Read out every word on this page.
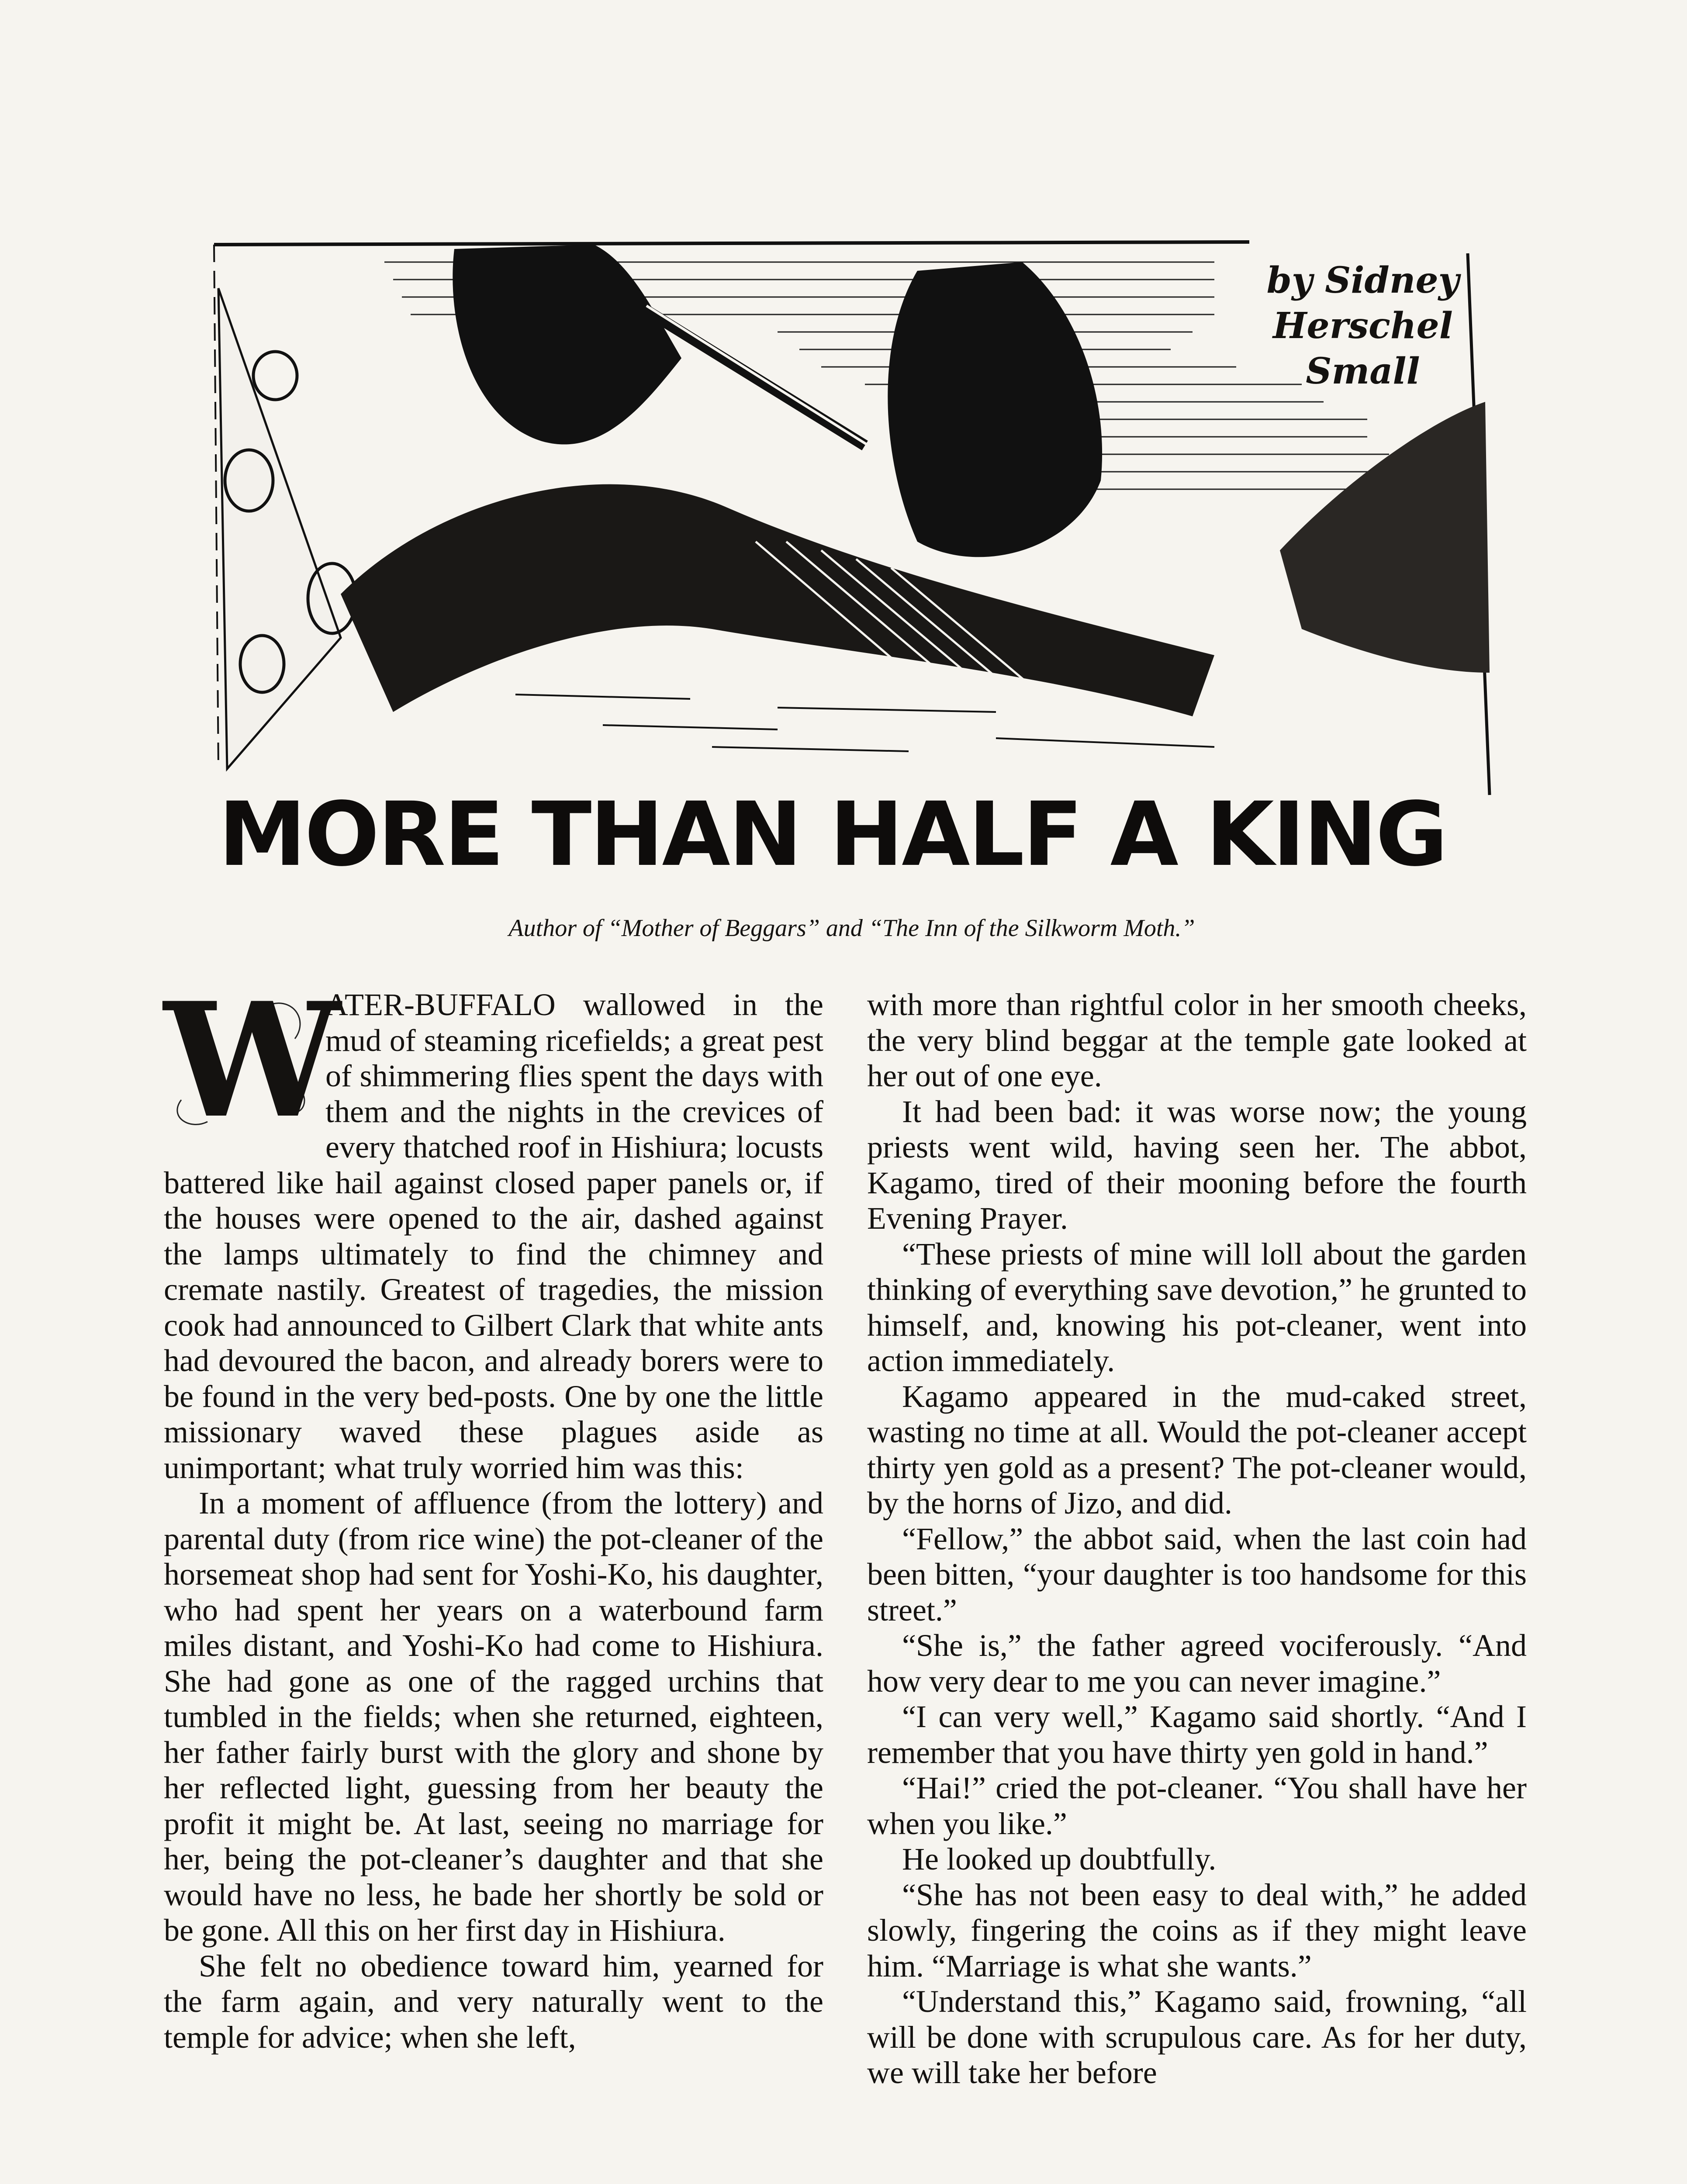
by Sidney
Herschel
Small
MORE THAN HALF A KING
Author of “Mother of Beggars” and “The Inn of the Silkworm Moth.”
W

ATER-BUFFALO wallowed in the mud of steaming ricefields; a great pest of shimmering flies spent the days with them and the nights in the crevices of every thatched roof in Hishiura; locusts battered like hail against closed paper panels or, if the houses were opened to the air, dashed against the lamps ultimately to find the chimney and cremate nastily. Greatest of tragedies, the mission cook had announced to Gilbert Clark that white ants had devoured the bacon, and already borers were to be found in the very bed-posts. One by one the little missionary waved these plagues aside as unimportant; what truly worried him was this:

In a moment of affluence (from the lottery) and parental duty (from rice wine) the pot-cleaner of the horsemeat shop had sent for Yoshi-Ko, his daughter, who had spent her years on a waterbound farm miles distant, and Yoshi-Ko had come to Hishiura. She had gone as one of the ragged urchins that tumbled in the fields; when she returned, eighteen, her father fairly burst with the glory and shone by her reflected light, guessing from her beauty the profit it might be. At last, seeing no marriage for her, being the pot-cleaner’s daughter and that she would have no less, he bade her shortly be sold or be gone. All this on her first day in Hishiura.

She felt no obedience toward him, yearned for the farm again, and very naturally went to the temple for advice; when she left,

with more than rightful color in her smooth cheeks, the very blind beggar at the temple gate looked at her out of one eye.

It had been bad: it was worse now; the young priests went wild, having seen her. The abbot, Kagamo, tired of their mooning before the fourth Evening Prayer.

“These priests of mine will loll about the garden thinking of everything save devotion,” he grunted to himself, and, knowing his pot-cleaner, went into action immediately.

Kagamo appeared in the mud-caked street, wasting no time at all. Would the pot-cleaner accept thirty yen gold as a present? The pot-cleaner would, by the horns of Jizo, and did.

“Fellow,” the abbot said, when the last coin had been bitten, “your daughter is too handsome for this street.”

“She is,” the father agreed vociferously. “And how very dear to me you can never imagine.”

“I can very well,” Kagamo said shortly. “And I remember that you have thirty yen gold in hand.”

“Hai!” cried the pot-cleaner. “You shall have her when you like.”

He looked up doubtfully.

“She has not been easy to deal with,” he added slowly, fingering the coins as if they might leave him. “Marriage is what she wants.”

“Understand this,” Kagamo said, frowning, “all will be done with scrupulous care. As for her duty, we will take her before
